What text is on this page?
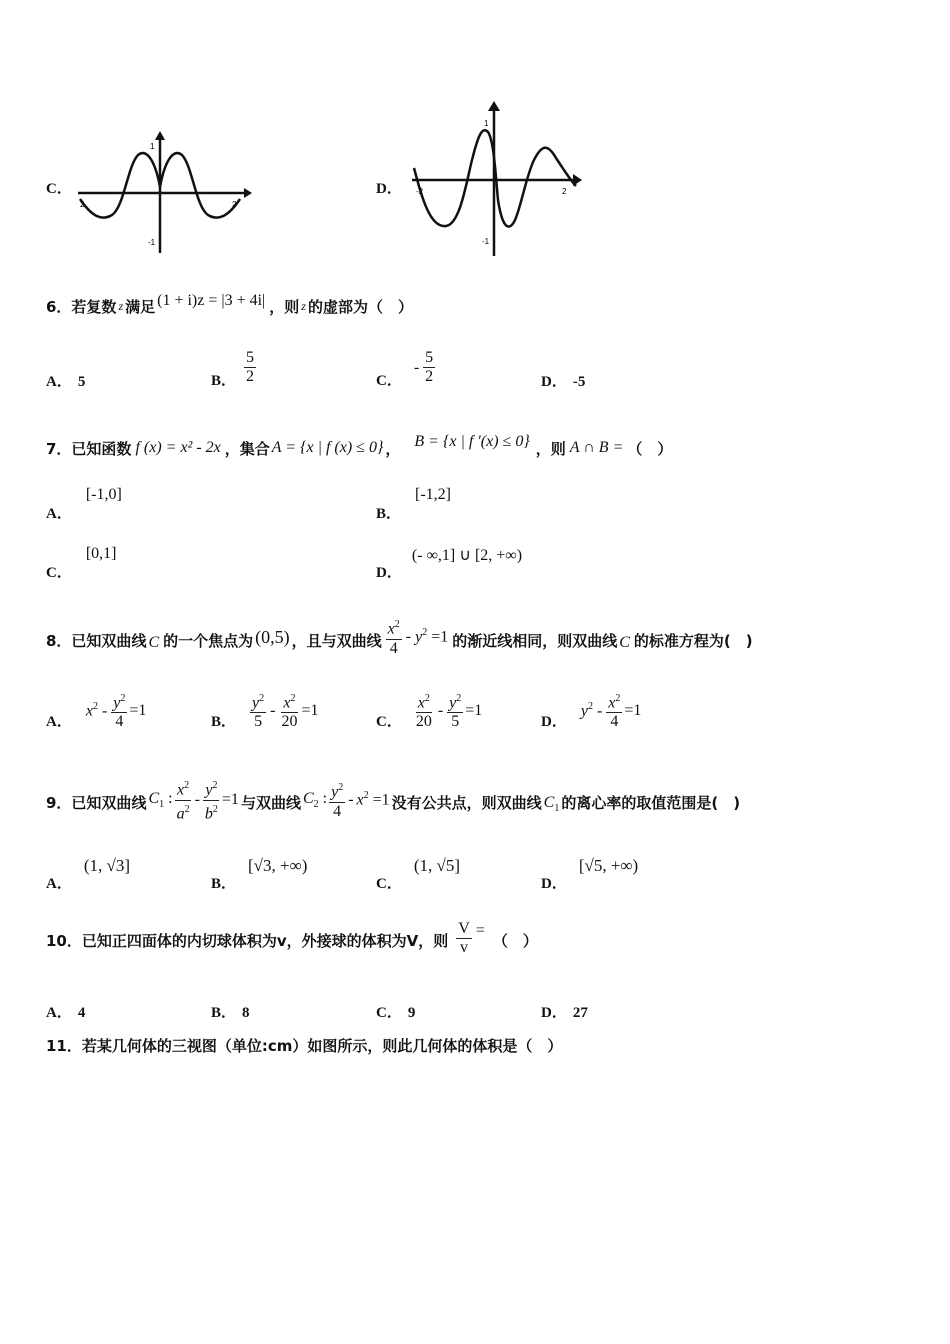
C．
2	2
1
-1
D． -2	2
1
-1
6．若复数 z 满足 (1 + i)z = |3 + 4i| ，则 z 的虚部为（　）
A． 5	B． $\frac{5}{2}$	C．
- $\frac{5}{2}$	D． -5
7．已知函数 f (x) = x² - 2x ，集合 A = {x | f (x) ≤ 0} ， B = {x | f ′(x) ≤ 0} ，则 A ∩ B = （　）
A．
[-1,0]
B．
[-1,2]
C．
[0,1]
D．
(- ∞,1] ∪ [2, +∞)
8．已知双曲线 C 的一个焦点为 (0,5) ，且与双曲线 $\frac{x^2}{4} - y^2 =1$ 的渐近线相同，则双曲线 C 的标准方程为(　)
A．
$x^2 - \frac{y^2}{4} =1$
B． $\frac{y^2}{5} - \frac{x^2}{20} =1$
C． $\frac{x^2}{20} - \frac{y^2}{5} =1$
D．
$y^2 - \frac{x^2}{4} =1$
9．已知双曲线 $C_1$ : $\frac{x^2}{a^2} - \frac{y^2}{b^2} =1$ 与双曲线 $C_2$ : $\frac{y^2}{4} - x^2 =1$ 没有公共点，则双曲线 $C_1$ 的离心率的取值范围是(　)
A．
(1, √3]
B．
[√3, +∞)
C．
(1, √5]
D．
[√5, +∞)
10．已知正四面体的内切球体积为v，外接球的体积为V，则 $\frac{V}{v}$ =
（　）
A． 4	B． 8	C． 9	D． 27
11．若某几何体的三视图（单位:cm）如图所示，则此几何体的体积是（　）
